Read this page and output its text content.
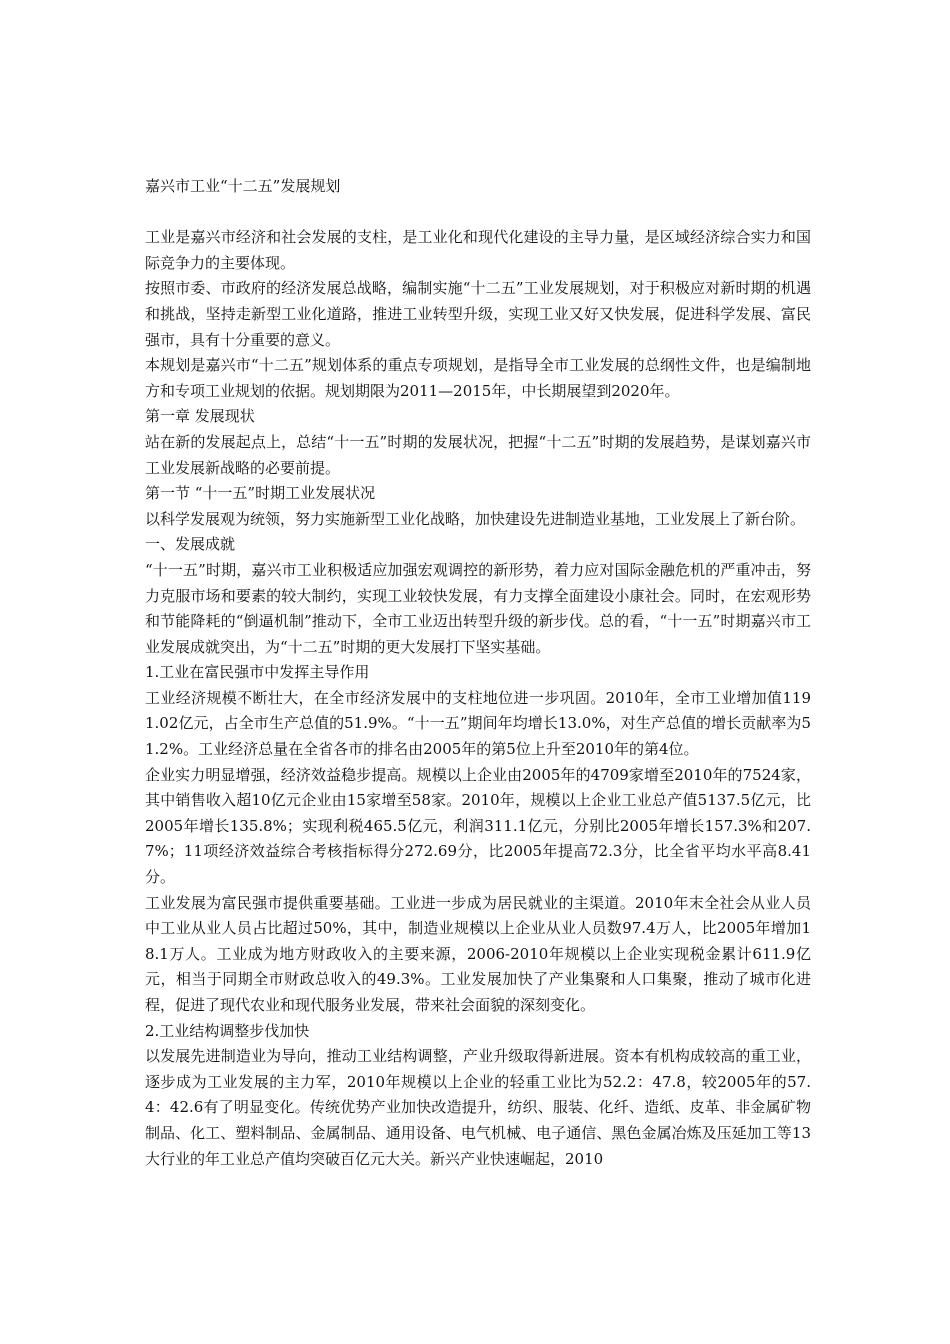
嘉兴市工业“十二五”发展规划

工业是嘉兴市经济和社会发展的支柱，是工业化和现代化建设的主导力量，是区域经济综合实力和国际竞争力的主要体现。

按照市委、市政府的经济发展总战略，编制实施“十二五”工业发展规划，对于积极应对新时期的机遇和挑战，坚持走新型工业化道路，推进工业转型升级，实现工业又好又快发展，促进科学发展、富民强市，具有十分重要的意义。

本规划是嘉兴市“十二五”规划体系的重点专项规划，是指导全市工业发展的总纲性文件，也是编制地方和专项工业规划的依据。规划期限为2011—2015年，中长期展望到2020年。

第一章 发展现状

站在新的发展起点上，总结“十一五”时期的发展状况，把握“十二五”时期的发展趋势，是谋划嘉兴市工业发展新战略的必要前提。

第一节 “十一五”时期工业发展状况

以科学发展观为统领，努力实施新型工业化战略，加快建设先进制造业基地，工业发展上了新台阶。

一、发展成就

“十一五”时期，嘉兴市工业积极适应加强宏观调控的新形势，着力应对国际金融危机的严重冲击，努力克服市场和要素的较大制约，实现工业较快发展，有力支撑全面建设小康社会。同时，在宏观形势和节能降耗的“倒逼机制”推动下，全市工业迈出转型升级的新步伐。总的看，“十一五”时期嘉兴市工业发展成就突出，为“十二五”时期的更大发展打下坚实基础。

1.工业在富民强市中发挥主导作用

工业经济规模不断壮大，在全市经济发展中的支柱地位进一步巩固。2010年，全市工业增加值1191.02亿元，占全市生产总值的51.9%。“十一五”期间年均增长13.0%，对生产总值的增长贡献率为51.2%。工业经济总量在全省各市的排名由2005年的第5位上升至2010年的第4位。

企业实力明显增强，经济效益稳步提高。规模以上企业由2005年的4709家增至2010年的7524家，其中销售收入超10亿元企业由15家增至58家。2010年，规模以上企业工业总产值5137.5亿元，比2005年增长135.8%；实现利税465.5亿元，利润311.1亿元，分别比2005年增长157.3%和207.7%；11项经济效益综合考核指标得分272.69分，比2005年提高72.3分，比全省平均水平高8.41分。

工业发展为富民强市提供重要基础。工业进一步成为居民就业的主渠道。2010年末全社会从业人员中工业从业人员占比超过50%，其中，制造业规模以上企业从业人员数97.4万人，比2005年增加18.1万人。工业成为地方财政收入的主要来源，2006-2010年规模以上企业实现税金累计611.9亿元，相当于同期全市财政总收入的49.3%。工业发展加快了产业集聚和人口集聚，推动了城市化进程，促进了现代农业和现代服务业发展，带来社会面貌的深刻变化。

2.工业结构调整步伐加快

以发展先进制造业为导向，推动工业结构调整，产业升级取得新进展。资本有机构成较高的重工业，逐步成为工业发展的主力军，2010年规模以上企业的轻重工业比为52.2：47.8，较2005年的57.4：42.6有了明显变化。传统优势产业加快改造提升，纺织、服装、化纤、造纸、皮革、非金属矿物制品、化工、塑料制品、金属制品、通用设备、电气机械、电子通信、黑色金属冶炼及压延加工等13大行业的年工业总产值均突破百亿元大关。新兴产业快速崛起，2010
